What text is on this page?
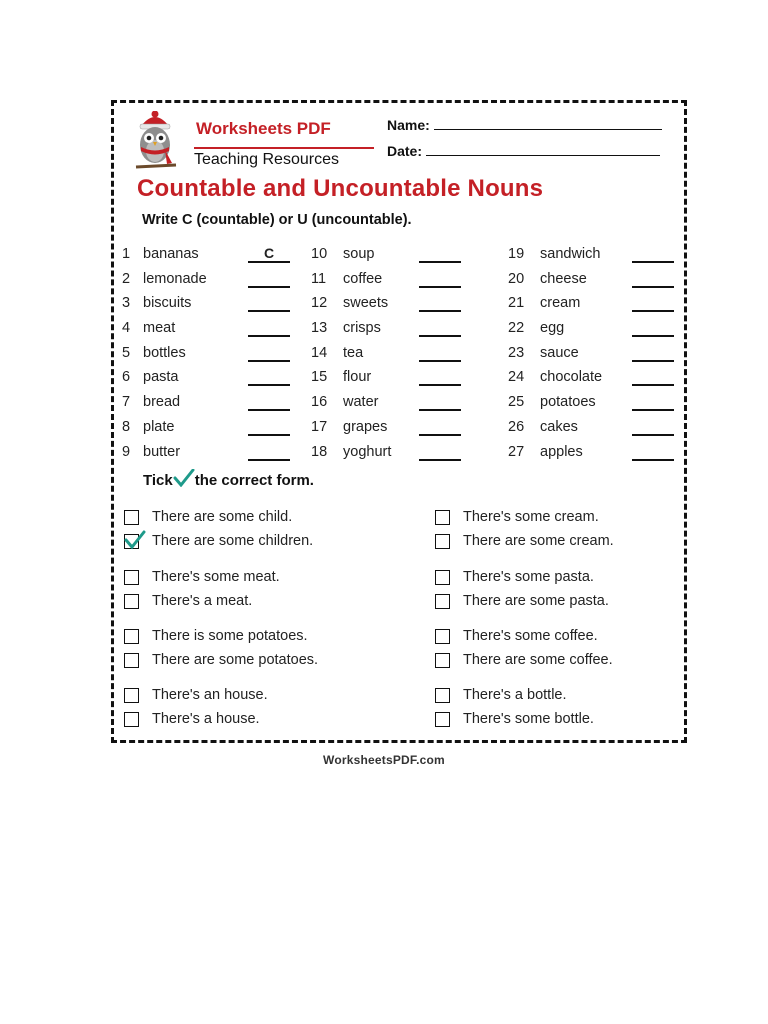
Worksheets PDF
Teaching Resources
Name:
Date:
Countable and Uncountable Nouns
Write C (countable) or U (uncountable).
1 bananas	C
2 lemonade
3 biscuits
4 meat
5 bottles
6 pasta
7 bread
8 plate
9 butter
10 soup
11 coffee
12 sweets
13 crisps
14 tea
15 flour
16 water
17 grapes
18 yoghurt
19 sandwich
20 cheese
21 cream
22 egg
23 sauce
24 chocolate
25 potatoes
26 cakes
27 apples
Tick the correct form.
There are some child.
There are some children.
There's some cream.
There are some cream.
There's some meat.
There's a meat.
There's some pasta.
There are some pasta.
There is some potatoes.
There are some potatoes.
There's some coffee.
There are some coffee.
There's an house.
There's a house.
There's a bottle.
There's some bottle.
WorksheetsPDF.com
